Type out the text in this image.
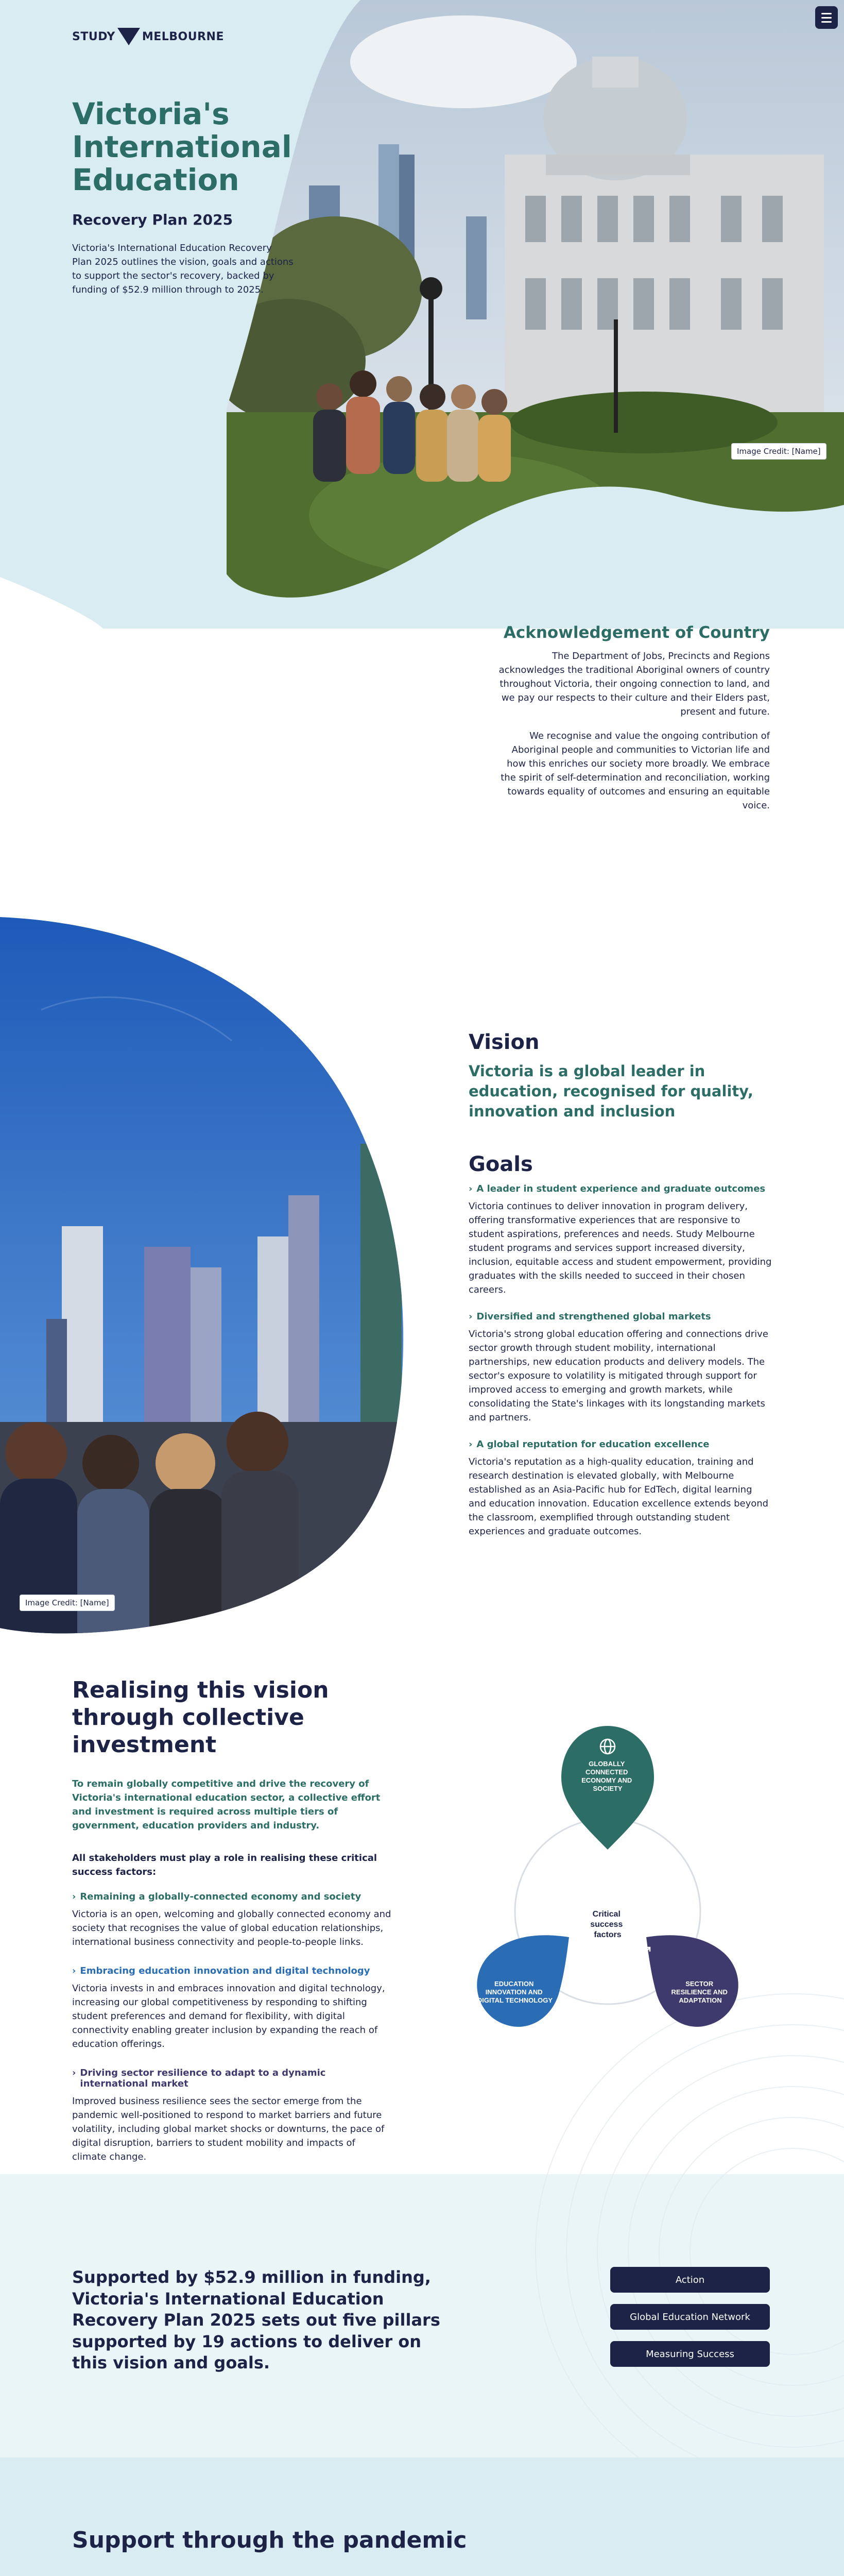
STUDY MELBOURNE
Victoria's International Education
Recovery Plan 2025

Victoria's International Education Recovery Plan 2025 outlines the vision, goals and actions to support the sector's recovery, backed by funding of $52.9 million through to 2025.

Image Credit: [Name]
Acknowledgement of Country

The Department of Jobs, Precincts and Regions acknowledges the traditional Aboriginal owners of country throughout Victoria, their ongoing connection to land, and we pay our respects to their culture and their Elders past, present and future.

We recognise and value the ongoing contribution of Aboriginal people and communities to Victorian life and how this enriches our society more broadly. We embrace the spirit of self-determination and reconciliation, working towards equality of outcomes and ensuring an equitable voice.

Image Credit: [Name]
Vision
Victoria is a global leader in education, recognised for quality, innovation and inclusion
Goals
› A leader in student experience and graduate outcomes

Victoria continues to deliver innovation in program delivery, offering transformative experiences that are responsive to student aspirations, preferences and needs. Study Melbourne student programs and services support increased diversity, inclusion, equitable access and student empowerment, providing graduates with the skills needed to succeed in their chosen careers.

› Diversified and strengthened global markets

Victoria's strong global education offering and connections drive sector growth through student mobility, international partnerships, new education products and delivery models. The sector's exposure to volatility is mitigated through support for improved access to emerging and growth markets, while consolidating the State's linkages with its longstanding markets and partners.

› A global reputation for education excellence

Victoria's reputation as a high-quality education, training and research destination is elevated globally, with Melbourne established as an Asia-Pacific hub for EdTech, digital learning and education innovation. Education excellence extends beyond the classroom, exemplified through outstanding student experiences and graduate outcomes.

Realising this vision through collective investment

To remain globally competitive and drive the recovery of Victoria's international education sector, a collective effort and investment is required across multiple tiers of government, education providers and industry.

All stakeholders must play a role in realising these critical success factors:

› Remaining a globally-connected economy and society

Victoria is an open, welcoming and globally connected economy and society that recognises the value of global education relationships, international business connectivity and people-to-people links.

› Embracing education innovation and digital technology

Victoria invests in and embraces innovation and digital technology, increasing our global competitiveness by responding to shifting student preferences and demand for flexibility, with digital connectivity enabling greater inclusion by expanding the reach of education offerings.

› Driving sector resilience to adapt to a dynamic international market

Improved business resilience sees the sector emerge from the pandemic well-positioned to respond to market barriers and future volatility, including global market shocks or downturns, the pace of digital disruption, barriers to student mobility and impacts of climate change.

GLOBALLY CONNECTED ECONOMY AND SOCIETY
EDUCATION INNOVATION AND DIGITAL TECHNOLOGY
SECTOR RESILIENCE AND ADAPTATION
Critical success factors

Supported by $52.9 million in funding, Victoria's International Education Recovery Plan 2025 sets out five pillars supported by 19 actions to deliver on this vision and goals.

Action
Global Education Network
Measuring Success
Support through the pandemic
